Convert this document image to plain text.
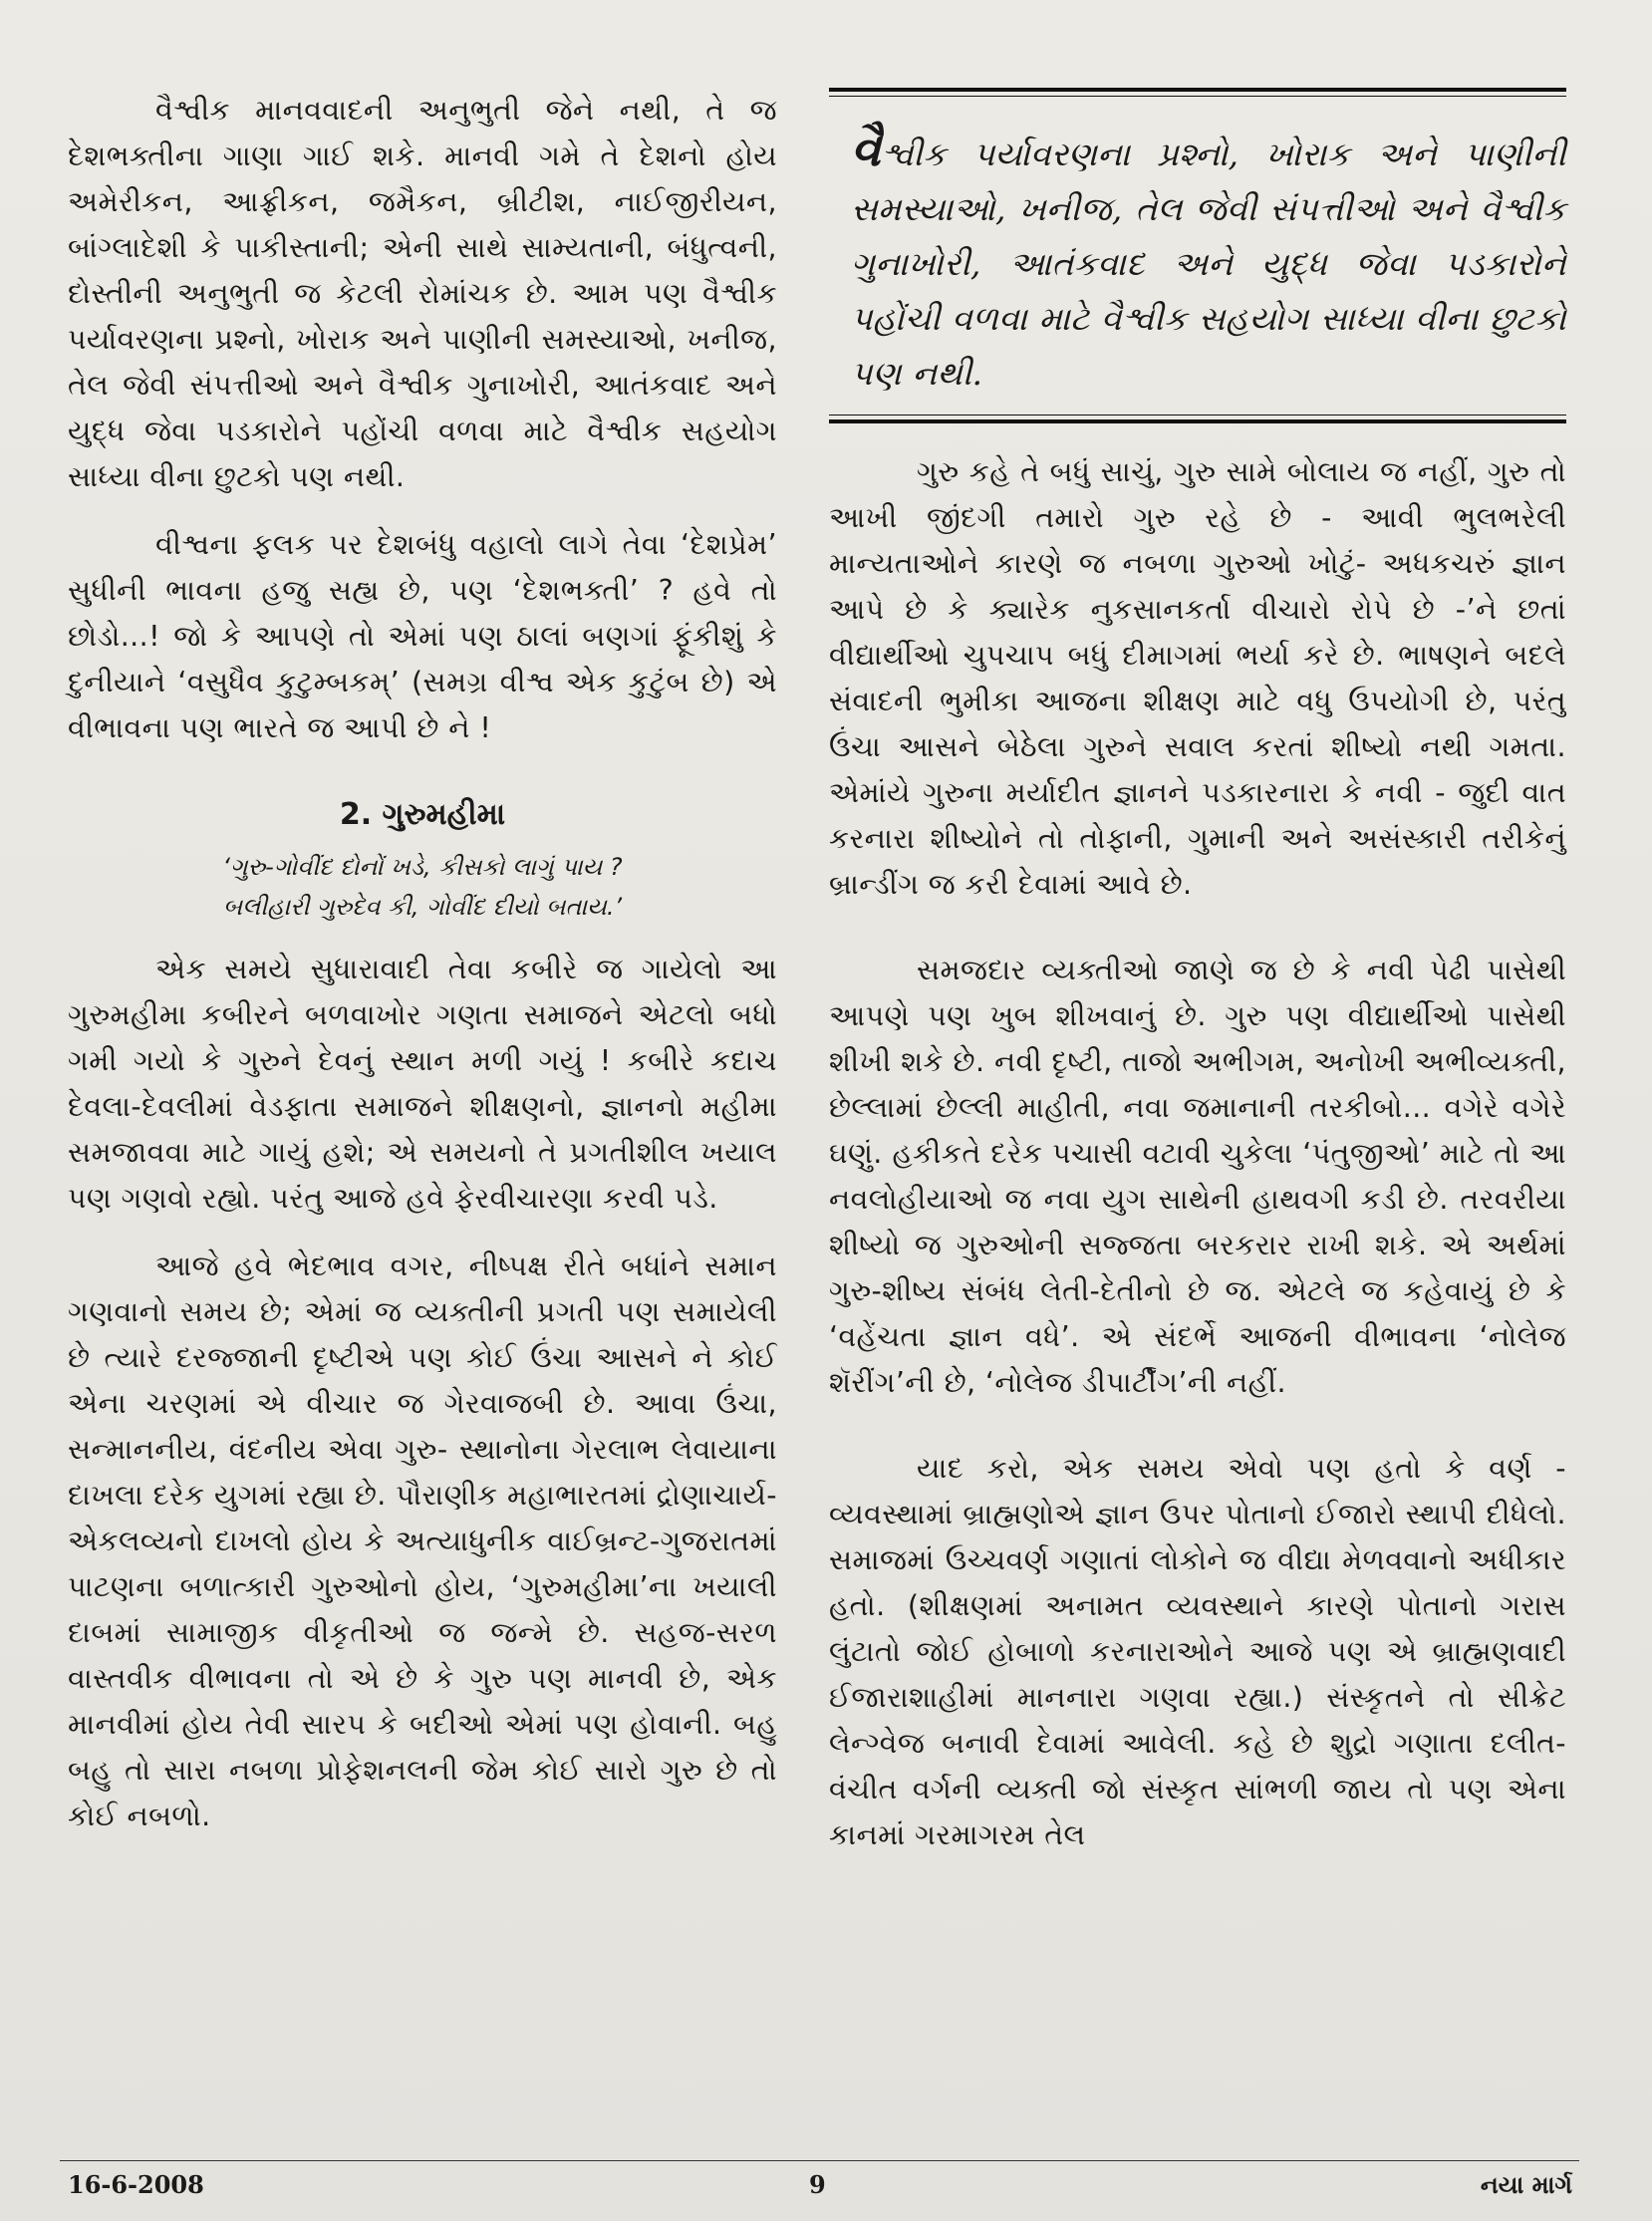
વૈશ્વીક માનવવાદની અનુભુતી જેને નથી, તે જ દેશભક્તીના ગાણા ગાઈ શકે. માનવી ગમે તે દેશનો હોય અમેરીકન, આફ્રીકન, જમૈકન, બ્રીટીશ, નાઈજીરીયન, બાંગ્લાદેશી કે પાકીસ્તાની; એની સાથે સામ્યતાની, બંધુત્વની, દોસ્તીની અનુભુતી જ કેટલી રોમાંચક છે. આમ પણ વૈશ્વીક પર્યાવરણના પ્રશ્નો, ખોરાક અને પાણીની સમસ્યાઓ, ખનીજ, તેલ જેવી સંપત્તીઓ અને વૈશ્વીક ગુનાખોરી, આતંકવાદ અને યુદ્ધ જેવા પડકારોને પહોંચી વળવા માટે વૈશ્વીક સહયોગ સાધ્યા વીના છુટકો પણ નથી.

વીશ્વના ફલક પર દેશબંધુ વહાલો લાગે તેવા ‘દેશપ્રેમ’ સુધીની ભાવના હજુ સહ્ય છે, પણ ‘દેશભક્તી’ ? હવે તો છોડો...! જો કે આપણે તો એમાં પણ ઠાલાં બણગાં ફૂંકીશું કે દુનીયાને ‘વસુધૈવ કુટુમ્બકમ્’ (સમગ્ર વીશ્વ એક કુટુંબ છે) એ વીભાવના પણ ભારતે જ આપી છે ને !

2. ગુરુમહીમા
‘ગુરુ-ગોવીંદ દોનોં ખડે, કીસકો લાગું પાય ?
બલીહારી ગુરુદેવ કી, ગોવીંદ દીયો બતાય.’

એક સમયે સુધારાવાદી તેવા કબીરે જ ગાયેલો આ ગુરુમહીમા કબીરને બળવાખોર ગણતા સમાજને એટલો બધો ગમી ગયો કે ગુરુને દેવનું સ્થાન મળી ગયું ! કબીરે કદાચ દેવલા-દેવલીમાં વેડફાતા સમાજને શીક્ષણનો, જ્ઞાનનો મહીમા સમજાવવા માટે ગાયું હશે; એ સમયનો તે પ્રગતીશીલ ખયાલ પણ ગણવો રહ્યો. પરંતુ આજે હવે ફેરવીચારણા કરવી પડે.

આજે હવે ભેદભાવ વગર, નીષ્પક્ષ રીતે બધાંને સમાન ગણવાનો સમય છે; એમાં જ વ્યક્તીની પ્રગતી પણ સમાયેલી છે ત્યારે દરજ્જાની દૃષ્ટીએ પણ કોઈ ઉંચા આસને ને કોઈ એના ચરણમાં એ વીચાર જ ગેરવાજબી છે. આવા ઉંચા, સન્માનનીય, વંદનીય એવા ગુરુ- સ્થાનોના ગેરલાભ લેવાયાના દાખલા દરેક યુગમાં રહ્યા છે. પૌરાણીક મહાભારતમાં દ્રોણાચાર્ય-એકલવ્યનો દાખલો હોય કે અત્યાધુનીક વાઈબ્રન્ટ-ગુજરાતમાં પાટણના બળાત્કારી ગુરુઓનો હોય, ‘ગુરુમહીમા’ના ખયાલી દાબમાં સામાજીક વીકૃતીઓ જ જન્મે છે. સહજ-સરળ વાસ્તવીક વીભાવના તો એ છે કે ગુરુ પણ માનવી છે, એક માનવીમાં હોય તેવી સારપ કે બદીઓ એમાં પણ હોવાની. બહુ બહુ તો સારા નબળા પ્રોફેશનલની જેમ કોઈ સારો ગુરુ છે તો કોઈ નબળો.

વૈશ્વીક પર્યાવરણના પ્રશ્નો, ખોરાક અને પાણીની સમસ્યાઓ, ખનીજ, તેલ જેવી સંપત્તીઓ અને વૈશ્વીક ગુનાખોરી, આતંકવાદ અને યુદ્ધ જેવા પડકારોને પહોંચી વળવા માટે વૈશ્વીક સહયોગ સાધ્યા વીના છુટકો પણ નથી.

ગુરુ કહે તે બધું સાચું, ગુરુ સામે બોલાય જ નહીં, ગુરુ તો આખી જીંદગી તમારો ગુરુ રહે છે - આવી ભુલભરેલી માન્યતાઓને કારણે જ નબળા ગુરુઓ ખોટું- અધકચરું જ્ઞાન આપે છે કે ક્યારેક નુકસાનકર્તા વીચારો રોપે છે -’ને છતાં વીદ્યાર્થીઓ ચુપચાપ બધું દીમાગમાં ભર્યા કરે છે. ભાષણને બદલે સંવાદની ભુમીકા આજના શીક્ષણ માટે વધુ ઉપયોગી છે, પરંતુ ઉંચા આસને બેઠેલા ગુરુને સવાલ કરતાં શીષ્યો નથી ગમતા. એમાંયે ગુરુના મર્યાદીત જ્ઞાનને પડકારનારા કે નવી - જુદી વાત કરનારા શીષ્યોને તો તોફાની, ગુમાની અને અસંસ્કારી તરીકેનું બ્રાન્ડીંગ જ કરી દેવામાં આવે છે.

સમજદાર વ્યક્તીઓ જાણે જ છે કે નવી પેઢી પાસેથી આપણે પણ ખુબ શીખવાનું છે. ગુરુ પણ વીદ્યાર્થીઓ પાસેથી શીખી શકે છે. નવી દૃષ્ટી, તાજો અભીગમ, અનોખી અભીવ્યક્તી, છેલ્લામાં છેલ્લી માહીતી, નવા જમાનાની તરકીબો... વગેરે વગેરે ઘણું. હકીકતે દરેક પચાસી વટાવી ચુકેલા ‘પંતુજીઓ’ માટે તો આ નવલોહીયાઓ જ નવા યુગ સાથેની હાથવગી કડી છે. તરવરીયા શીષ્યો જ ગુરુઓની સજ્જતા બરકરાર રાખી શકે. એ અર્થમાં ગુરુ-શીષ્ય સંબંધ લેતી-દેતીનો છે જ. એટલે જ કહેવાયું છે કે ‘વહેંચતા જ્ઞાન વધે’. એ સંદર્ભે આજની વીભાવના ‘નોલેજ શૅરીંગ’ની છે, ‘નોલેજ ડીપાર્ટીંગ’ની નહીં.

યાદ કરો, એક સમય એવો પણ હતો કે વર્ણ - વ્યવસ્થામાં બ્રાહ્મણોએ જ્ઞાન ઉપર પોતાનો ઈજારો સ્થાપી દીધેલો. સમાજમાં ઉચ્ચવર્ણ ગણાતાં લોકોને જ વીદ્યા મેળવવાનો અધીકાર હતો. (શીક્ષણમાં અનામત વ્યવસ્થાને કારણે પોતાનો ગરાસ લુંટાતો જોઈ હોબાળો કરનારાઓને આજે પણ એ બ્રાહ્મણવાદી ઈજારાશાહીમાં માનનારા ગણવા રહ્યા.) સંસ્કૃતને તો સીક્રેટ લેન્ગ્વેજ બનાવી દેવામાં આવેલી. કહે છે શુદ્રો ગણાતા દલીત-વંચીત વર્ગની વ્યક્તી જો સંસ્કૃત સાંભળી જાય તો પણ એના કાનમાં ગરમાગરમ તેલ

16-6-2008	9	નયા માર્ગ
